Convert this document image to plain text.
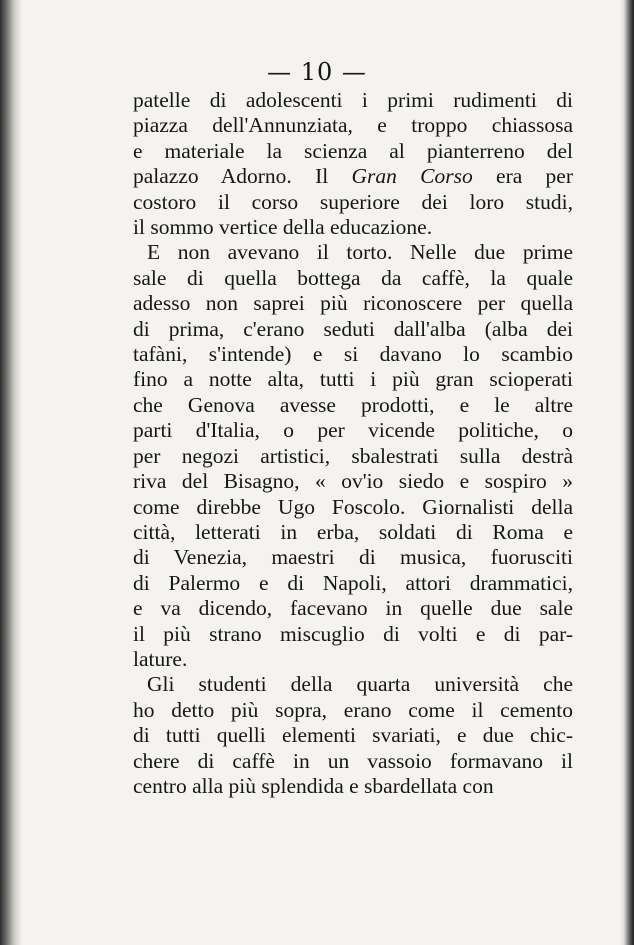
— 10 —
patelle di adolescenti i primi rudimenti di
piazza dell'Annunziata, e troppo chiassosa
e materiale la scienza al pianterreno del
palazzo Adorno. Il Gran Corso era per
costoro il corso superiore dei loro studi,
il sommo vertice della educazione.
E non avevano il torto. Nelle due prime
sale di quella bottega da caffè, la quale
adesso non saprei più riconoscere per quella
di prima, c'erano seduti dall'alba (alba dei
tafàni, s'intende) e si davano lo scambio
fino a notte alta, tutti i più gran scioperati
che Genova avesse prodotti, e le altre
parti d'Italia, o per vicende politiche, o
per negozi artistici, sbalestrati sulla destrà
riva del Bisagno, « ov'io siedo e sospiro »
come direbbe Ugo Foscolo. Giornalisti della
città, letterati in erba, soldati di Roma e
di Venezia, maestri di musica, fuorusciti
di Palermo e di Napoli, attori drammatici,
e va dicendo, facevano in quelle due sale
il più strano miscuglio di volti e di par-
lature.
Gli studenti della quarta università che
ho detto più sopra, erano come il cemento
di tutti quelli elementi svariati, e due chic-
chere di caffè in un vassoio formavano il
centro alla più splendida e sbardellata con
